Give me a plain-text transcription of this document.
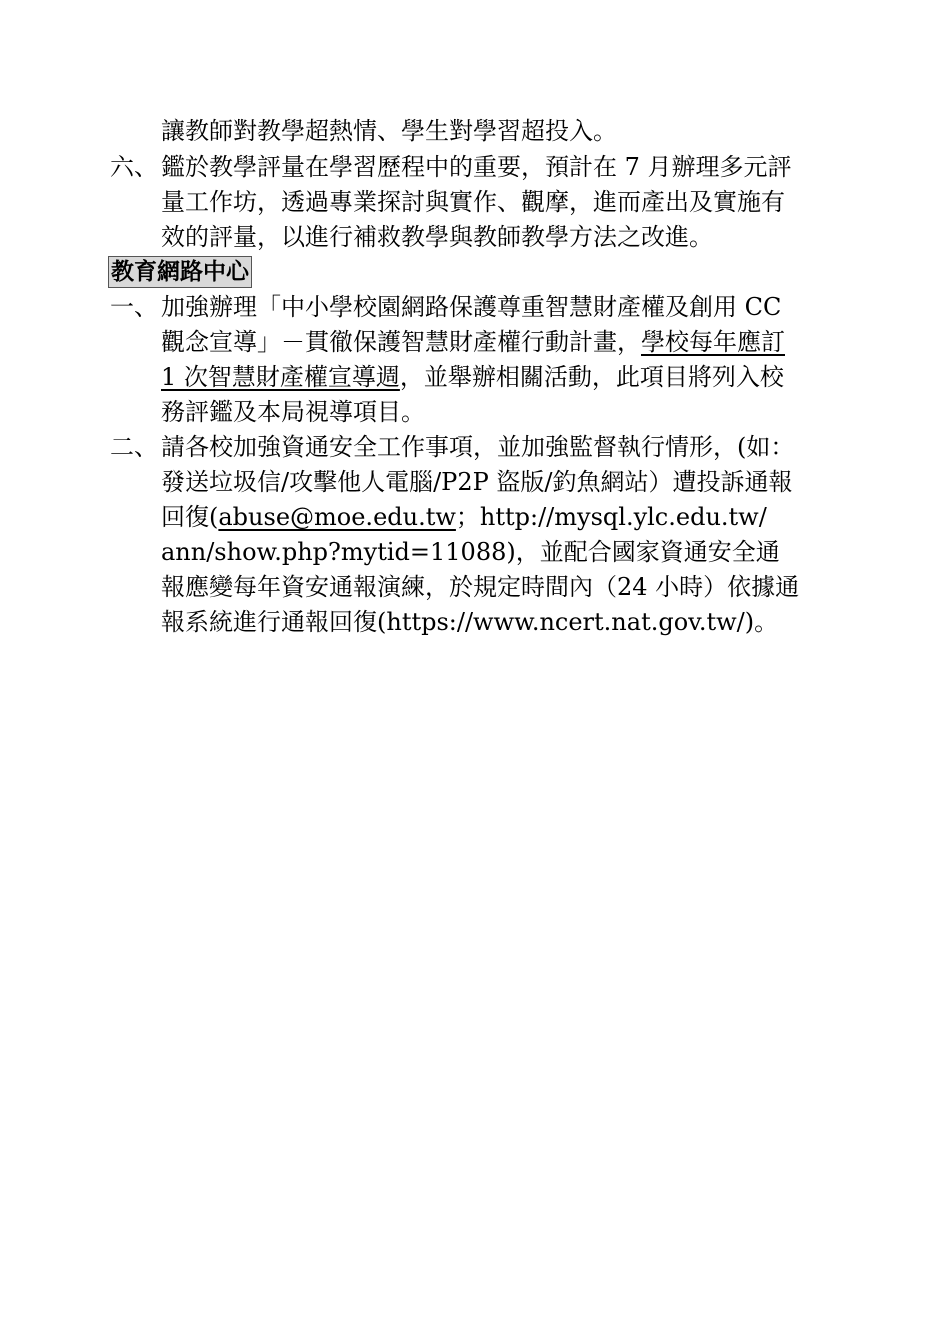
讓教師對教學超熱情、學生對學習超投入。
六、 鑑於教學評量在學習歷程中的重要，預計在 7 月辦理多元評
量工作坊，透過專業探討與實作、觀摩，進而產出及實施有
效的評量，以進行補救教學與教師教學方法之改進。
教育網路中心
一、 加強辦理「中小學校園網路保護尊重智慧財產權及創用 CC
觀念宣導」－貫徹保護智慧財產權行動計畫，學校每年應訂
1 次智慧財產權宣導週，並舉辦相關活動，此項目將列入校
務評鑑及本局視導項目。
二、 請各校加強資通安全工作事項，並加強監督執行情形，(如：
發送垃圾信/攻擊他人電腦/P2P 盜版/釣魚網站）遭投訴通報
回復(abuse@moe.edu.tw；http://mysql.ylc.edu.tw/
ann/show.php?mytid=11088)，並配合國家資通安全通
報應變每年資安通報演練，於規定時間內（24 小時）依據通
報系統進行通報回復(https://www.ncert.nat.gov.tw/)。
